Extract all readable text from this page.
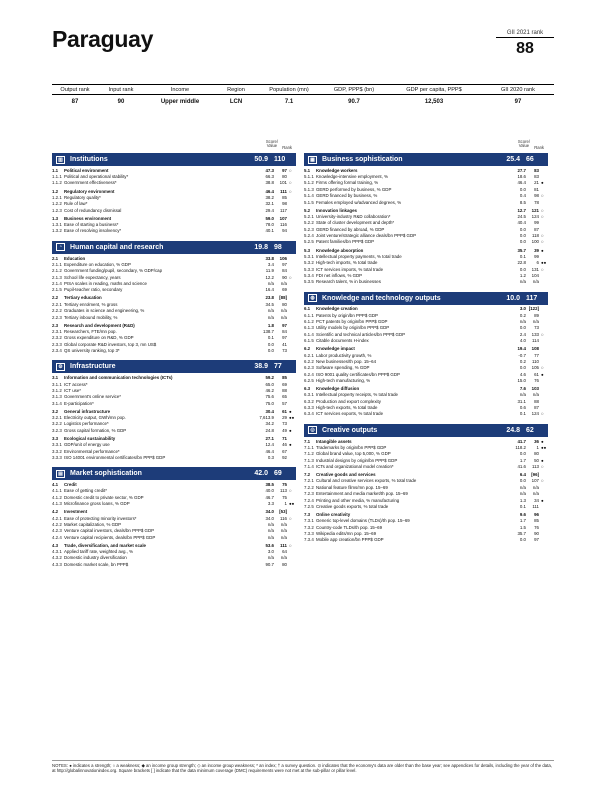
Paraguay	GII 2021 rank
88
Output rank	Input rank	Income	Region	Population (mn)	GDP, PPP$ (bn)	GDP per capita, PPP$	GII 2020 rank
87	90	Upper middle	LCN	7.1	90.7	12,503	97
Score/
Value Rank
▥	Institutions	50.9 110
1.1	Political environment	47.3	97 ○
1.1.1 Political and operational stability*	66.3	80
1.1.2 Government effectiveness*	38.8	101 ○
1.2	Regulatory environment	46.4	111 ○
1.2.1 Regulatory quality*	38.2	85
1.2.2 Rule of law*	32.1	98
1.2.3 Cost of redundancy dismissal	29.4	117
1.3	Business environment	59.0	107
1.3.1 Ease of starting a business*	78.0	116
1.3.2 Ease of resolving insolvency*	40.1	94
◔	Human capital and research	19.8 98
2.1	Education	33.8	106
2.1.1 Expenditure on education, % GDP	3.4	97
2.1.2 Government funding/pupil, secondary, % GDP/cap	11.9	84
2.1.3 School life expectancy, years	12.2	90 ○
2.1.4 PISA scales in reading, maths and science	n/a	n/a
2.1.5 Pupil-teacher ratio, secondary	16.4	69
2.2	Tertiary education	23.8	[88]
2.2.1 Tertiary enrolment, % gross	34.5	80
2.2.2 Graduates in science and engineering, %	n/a	n/a
2.2.3 Tertiary inbound mobility, %	n/a	n/a
2.3	Research and development (R&D)	1.8	97
2.3.1 Researchers, FTE/mn pop.	138.7	84
2.3.2 Gross expenditure on R&D, % GDP	0.1	97
2.3.3 Global corporate R&D investors, top 3, mn US$	0.0	41
2.3.4 QS university ranking, top 3*	0.0	73
⚙	Infrastructure	38.9 77
3.1	Information and communication technologies (ICTs)	59.2	85
3.1.1 ICT access*	65.0	69
3.1.2 ICT use*	46.2	88
3.1.3 Government's online service*	75.6	65
3.1.4 E-participation*	75.0	57
3.2	General infrastructure	30.4	61 ●
3.2.1 Electricity output, GWh/mn pop.	7,613.9	29 ●●
3.2.2 Logistics performance*	34.2	73
3.2.3 Gross capital formation, % GDP	24.8	49 ●
3.3	Ecological sustainability	27.1	71
3.3.1 GDP/unit of energy use	12.4	46 ●
3.3.2 Environmental performance*	46.4	67
3.3.3 ISO 14001 environmental certificates/bn PPP$ GDP	0.3	92
▤	Market sophistication	42.0 69
4.1	Credit	38.5	75
4.1.1 Ease of getting credit*	40.0	113 ○
4.1.2 Domestic credit to private sector, % GDP	46.7	75
4.1.3 Microfinance gross loans, % GDP	3.3	1 ●●
4.2	Investment	34.0	[53]
4.2.1 Ease of protecting minority investors*	34.0	116 ○
4.2.2 Market capitalization, % GDP	n/a	n/a
4.2.3 Venture capital investors, deals/bn PPP$ GDP	n/a	n/a
4.2.4 Venture capital recipients, deals/bn PPP$ GDP	n/a	n/a
4.3	Trade, diversification, and market scale	53.6	111 ○
4.3.1 Applied tariff rate, weighted avg., %	3.0	64
4.3.2 Domestic industry diversification	n/a	n/a
4.3.3 Domestic market scale, bn PPP$	90.7	80
Score/
Value Rank
▦	Business sophistication	25.4 66
5.1	Knowledge workers	27.7	83
5.1.1 Knowledge-intensive employment, %	18.6	83
5.1.2 Firms offering formal training, %	46.4	21 ●
5.1.3 GERD performed by business, % GDP	0.0	81
5.1.4 GERD financed by business, %	0.4	98 ○
5.1.5 Females employed w/advanced degrees, %	8.5	78
5.2	Innovation linkages	12.7	121 ○
5.2.1 University-industry R&D collaboration*	24.5	124 ○
5.2.2 State of cluster development and depth*	40.4	99
5.2.3 GERD financed by abroad, % GDP	0.0	87
5.2.4 Joint venture/strategic alliance deals/bn PPP$ GDP	0.0	118 ○
5.2.5 Patent families/bn PPP$ GDP	0.0	100 ○
5.3	Knowledge absorption	35.7	39 ●
5.3.1 Intellectual property payments, % total trade	0.1	99
5.3.2 High-tech imports, % total trade	22.8	6 ●●
5.3.3 ICT services imports, % total trade	0.0	131 ○
5.3.4 FDI net inflows, % GDP	1.2	104
5.3.5 Research talent, % in businesses	n/a	n/a
◍	Knowledge and technology outputs	10.0 117
6.1	Knowledge creation	3.0 [122]
6.1.1 Patents by origin/bn PPP$ GDP	0.2	89
6.1.2 PCT patents by origin/bn PPP$ GDP	n/a	n/a
6.1.3 Utility models by origin/bn PPP$ GDP	0.0	73
6.1.4 Scientific and technical articles/bn PPP$ GDP	2.4	133 ○
6.1.5 Citable documents H-index	4.0	114
6.2	Knowledge impact	19.4	108
6.2.1 Labor productivity growth, %	-0.7	77
6.2.2 New businesses/th pop. 15–64	0.2	110
6.2.3 Software spending, % GDP	0.0	105 ○
6.2.4 ISO 9001 quality certificates/bn PPP$ GDP	4.6	61 ●
6.2.5 High-tech manufacturing, %	15.0	76
6.3	Knowledge diffusion	7.6	103
6.3.1 Intellectual property receipts, % total trade	n/a	n/a
6.3.2 Production and export complexity	31.1	88
6.3.3 High-tech exports, % total trade	0.6	87
6.3.4 ICT services exports, % total trade	0.1	124 ○
◎	Creative outputs	24.8 62
7.1	Intangible assets	41.7	36 ●
7.1.1 Trademarks by origin/bn PPP$ GDP	118.2	1 ●●
7.1.2 Global brand value, top 5,000, % GDP	0.0	80
7.1.3 Industrial designs by origin/bn PPP$ GDP	1.7	50 ●
7.1.4 ICTs and organizational model creation*	41.6	113 ○
7.2	Creative goods and services	6.4	[96]
7.2.1 Cultural and creative services exports, % total trade	0.0	107 ○
7.2.2 National feature films/mn pop. 15–69	n/a	n/a
7.2.3 Entertainment and media market/th pop. 15–69	n/a	n/a
7.2.4 Printing and other media, % manufacturing	1.3	34 ●
7.2.5 Creative goods exports, % total trade	0.1	111
7.3	Online creativity	9.6	96
7.3.1 Generic top-level domains (TLDs)/th pop. 15–69	1.7	85
7.3.2 Country-code TLDs/th pop. 15–69	1.5	76
7.3.3 Wikipedia edits/mn pop. 15–69	35.7	90
7.3.4 Mobile app creation/bn PPP$ GDP	0.0	97
NOTES: ● indicates a strength; ○ a weakness; ◆ an income group strength; ◇ an income group weakness; * an index; † a survey question. ⊙ indicates that the economy's data are older than the base year; see appendices for details, including the year of the data, at http://globalinnovationindex.org. Square brackets [ ] indicate that the data minimum coverage (DMC) requirements were not met at the sub-pillar or pillar level.
